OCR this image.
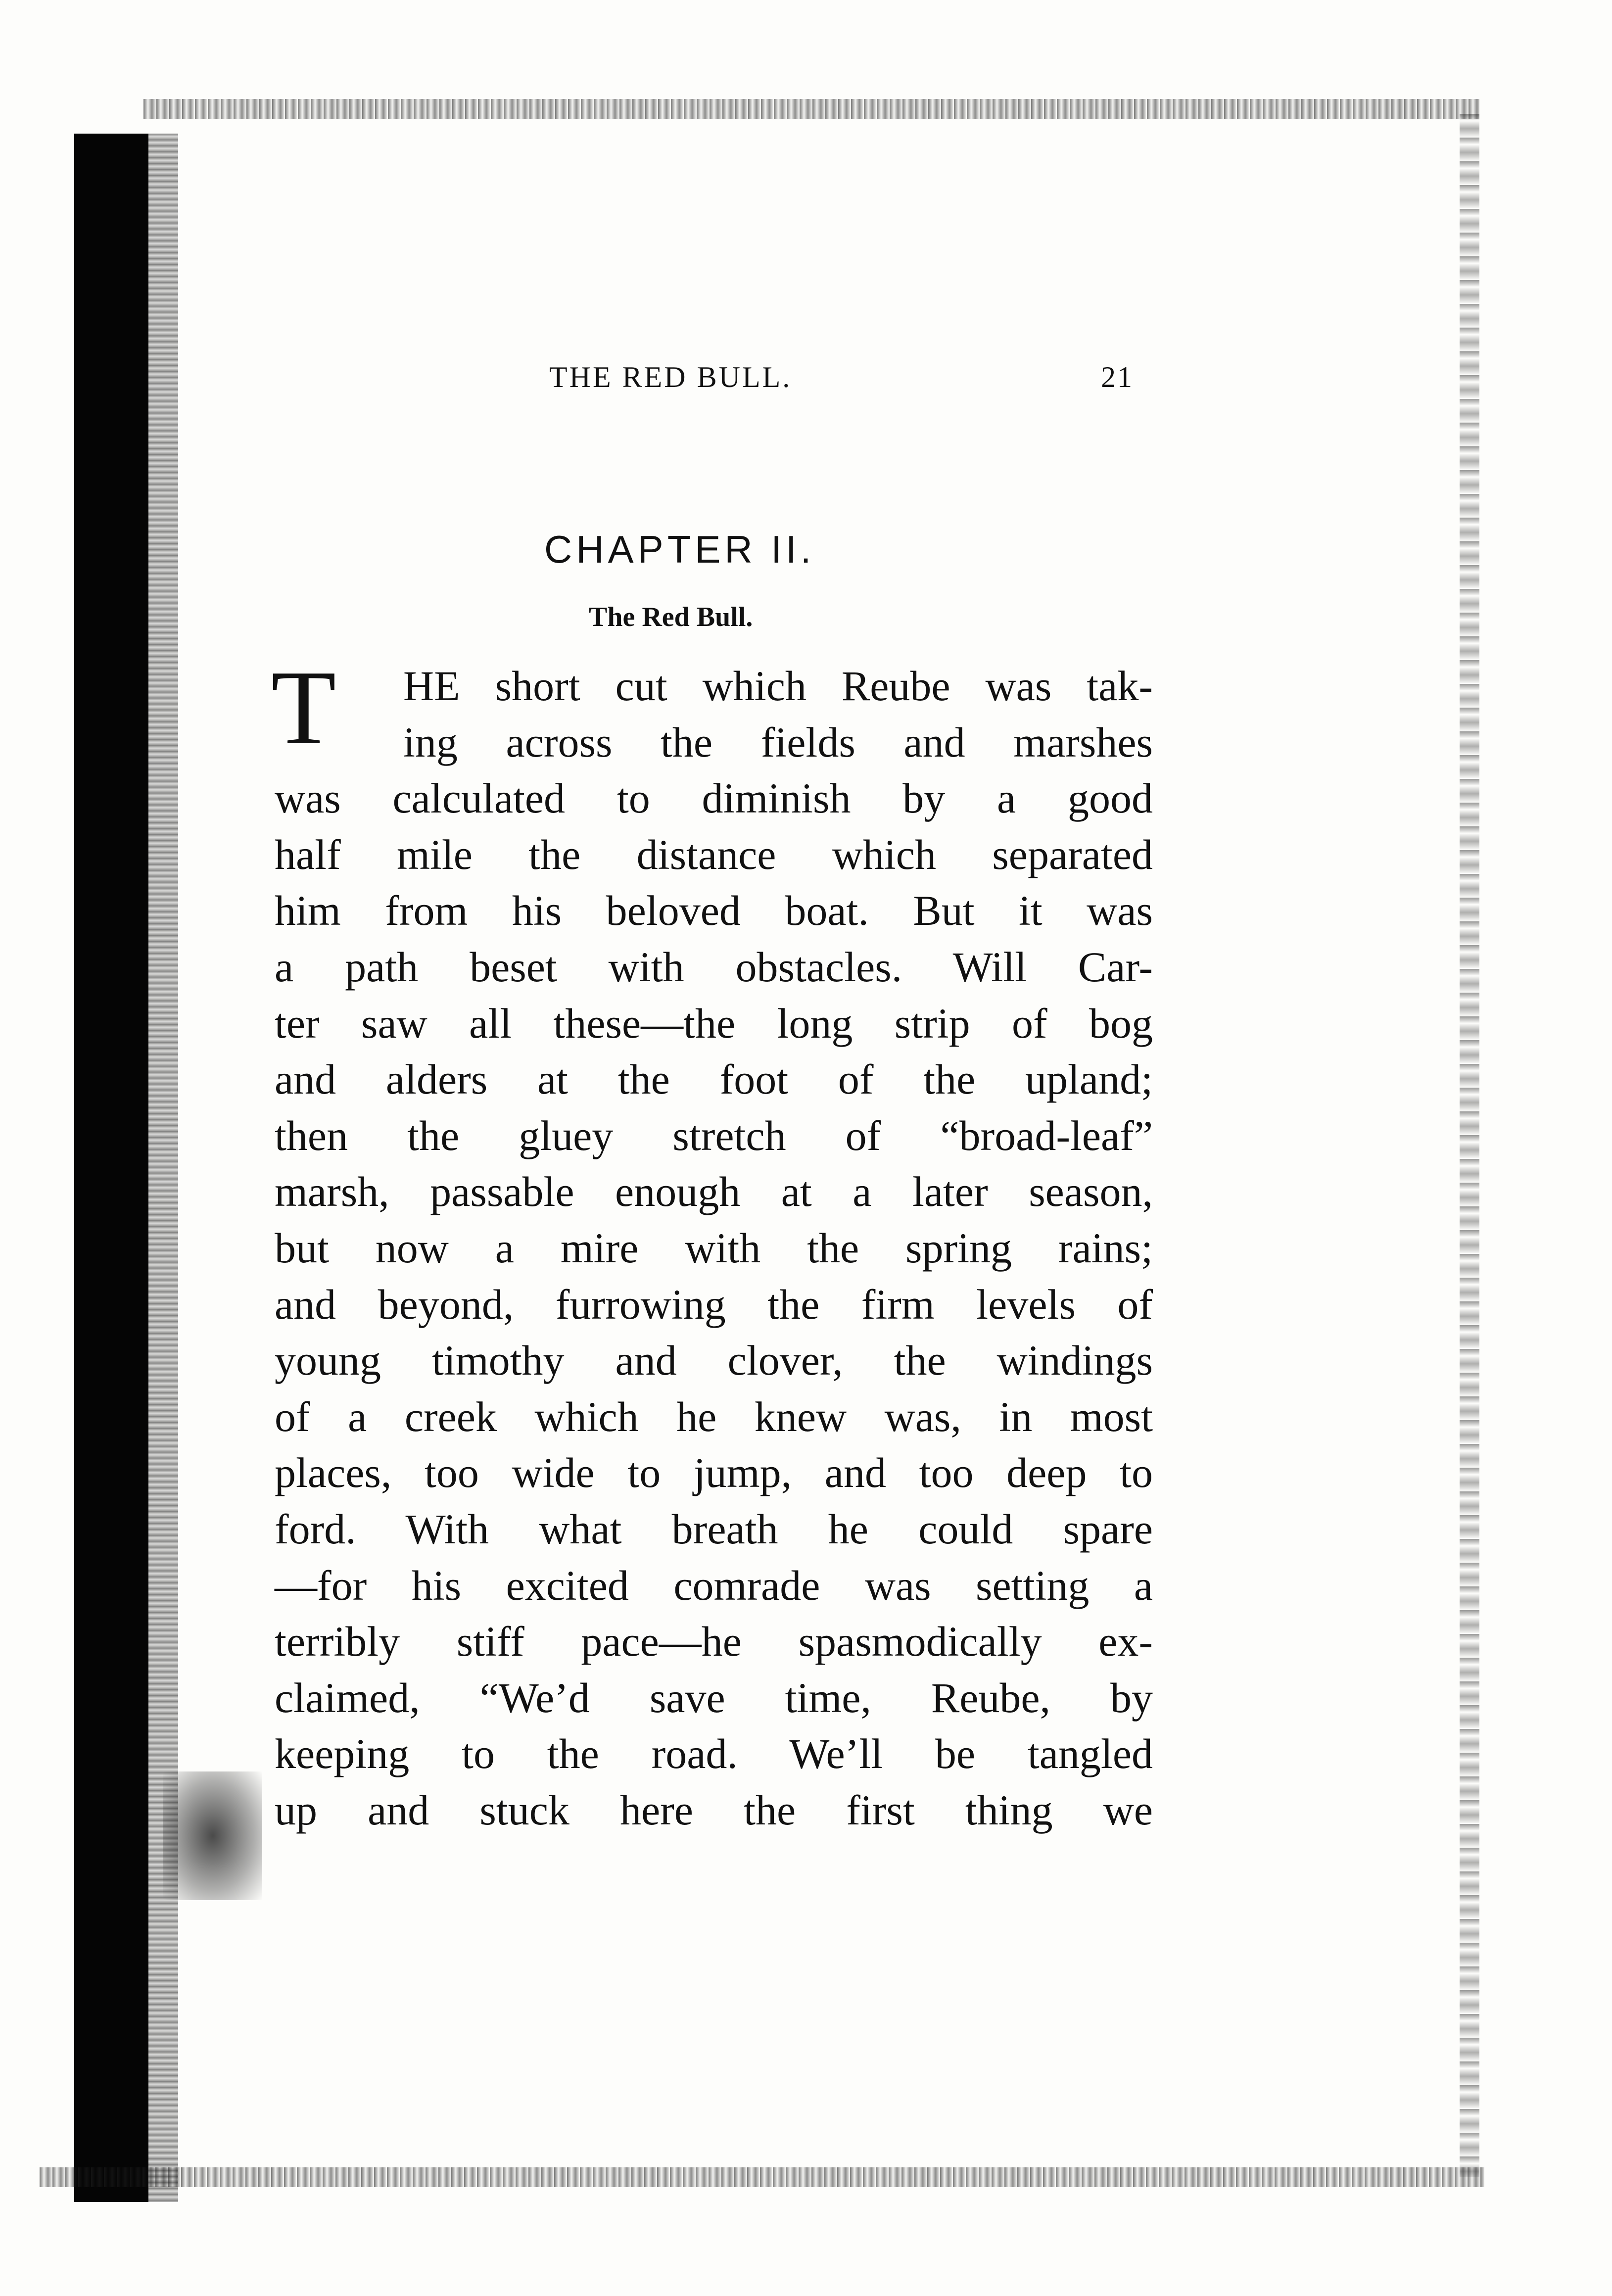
THE RED BULL.	21
CHAPTER II.
The Red Bull.
T	HE short cut which Reube was tak-
ing across the fields and marshes
was calculated to diminish by a good
half mile the distance which separated
him from his beloved boat. But it was
a path beset with obstacles. Will Car-
ter saw all these—the long strip of bog
and alders at the foot of the upland;
then the gluey stretch of “broad-leaf”
marsh, passable enough at a later season,
but now a mire with the spring rains;
and beyond, furrowing the firm levels of
young timothy and clover, the windings
of a creek which he knew was, in most
places, too wide to jump, and too deep to
ford. With what breath he could spare
—for his excited comrade was setting a
terribly stiff pace—he spasmodically ex-
claimed, “We’d save time, Reube, by
keeping to the road. We’ll be tangled
up and stuck here the first thing we
